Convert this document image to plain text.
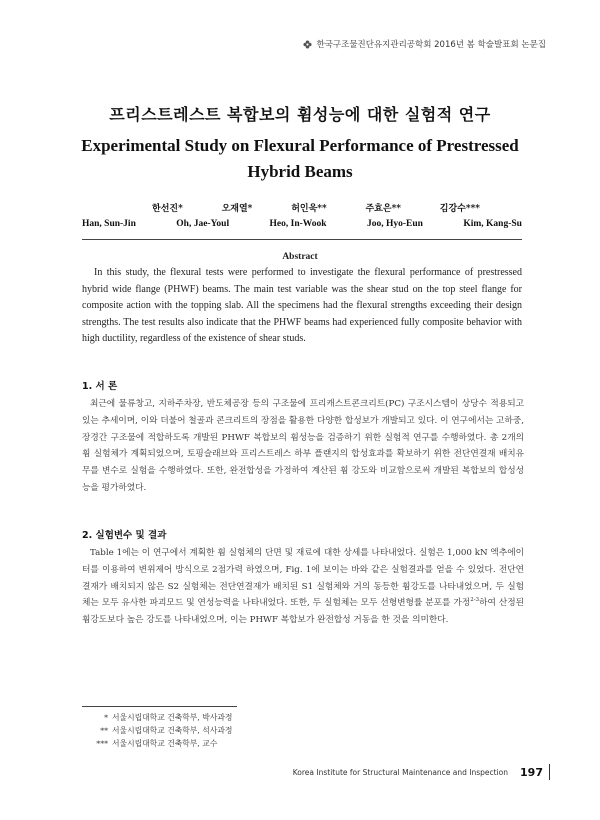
한국구조물진단유지관리공학회 2016년 봄 학술발표회 논문집
프리스트레스트 복합보의 휨성능에 대한 실험적 연구
Experimental Study on Flexural Performance of Prestressed Hybrid Beams
한선진*	오재열*	허인욱**	주효은**	김강수***
Han, Sun-Jin	Oh, Jae-Youl	Heo, In-Wook	Joo, Hyo-Eun	Kim, Kang-Su
Abstract
In this study, the flexural tests were performed to investigate the flexural performance of prestressed hybrid wide flange (PHWF) beams. The main test variable was the shear stud on the top steel flange for composite action with the topping slab. All the specimens had the flexural strengths exceeding their design strengths. The test results also indicate that the PHWF beams had experienced fully composite behavior with high ductility, regardless of the existence of shear studs.
1. 서 론
최근에 물류창고, 지하주차장, 반도체공장 등의 구조물에 프리캐스트콘크리트(PC) 구조시스템이 상당수 적용되고 있는 추세이며, 이와 더불어 철골과 콘크리트의 장점을 활용한 다양한 합성보가 개발되고 있다. 이 연구에서는 고하중, 장경간 구조물에 적합하도록 개발된 PHWF 복합보의 휨성능을 검증하기 위한 실험적 연구를 수행하였다. 총 2개의 휨 실험체가 계획되었으며, 토핑슬래브와 프리스트레스 하부 플랜지의 합성효과를 확보하기 위한 전단연결재 배치유무를 변수로 실험을 수행하였다. 또한, 완전합성을 가정하여 계산된 휨 강도와 비교함으로써 개발된 복합보의 합성성능을 평가하였다.
2. 실험변수 및 결과
Table 1에는 이 연구에서 계획한 휨 실험체의 단면 및 재료에 대한 상세를 나타내었다. 실험은 1,000 kN 엑추에이터를 이용하여 변위제어 방식으로 2점가력 하였으며, Fig. 1에 보이는 바와 같은 실험결과를 얻을 수 있었다. 전단연결재가 배치되지 않은 S2 실험체는 전단연결재가 배치된 S1 실험체와 거의 동등한 휨강도를 나타내었으며, 두 실험체는 모두 유사한 파괴모드 및 연성능력을 나타내었다. 또한, 두 실험체는 모두 선형변형률 분포를 가정$^{2-3}$하여 산정된 휨강도보다 높은 강도를 나타내었으며, 이는 PHWF 복합보가 완전합성 거동을 한 것을 의미한다.
* 서울시립대학교 건축학부, 박사과정
** 서울시립대학교 건축학부, 석사과정
*** 서울시립대학교 건축학부, 교수
Korea Institute for Structural Maintenance and Inspection 197
